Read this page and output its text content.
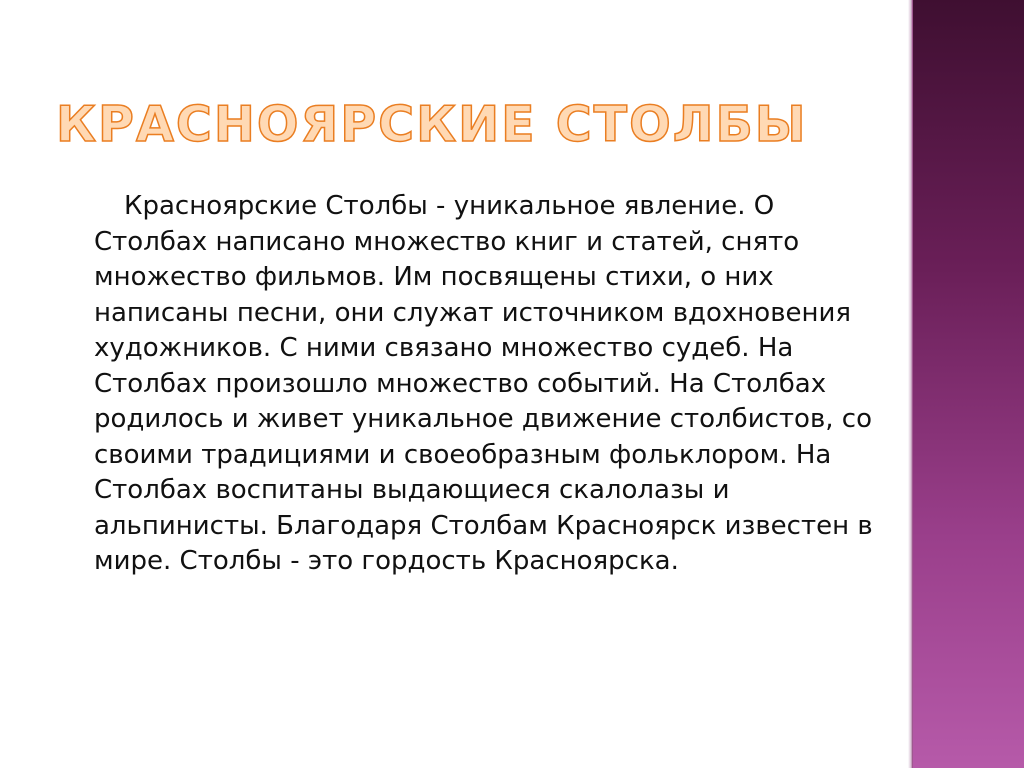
КРАСНОЯРСКИЕ СТОЛБЫ

Красноярские Столбы - уникальное явление. О Столбах написано множество книг и статей, снято множество фильмов. Им посвящены стихи, о них написаны песни, они служат источником вдохновения художников. С ними связано множество судеб. На Столбах произошло множество событий. На Столбах родилось и живет уникальное движение столбистов, со своими традициями и своеобразным фольклором. На Столбах воспитаны выдающиеся скалолазы и альпинисты. Благодаря Столбам Красноярск известен в мире. Столбы - это гордость Красноярска.
